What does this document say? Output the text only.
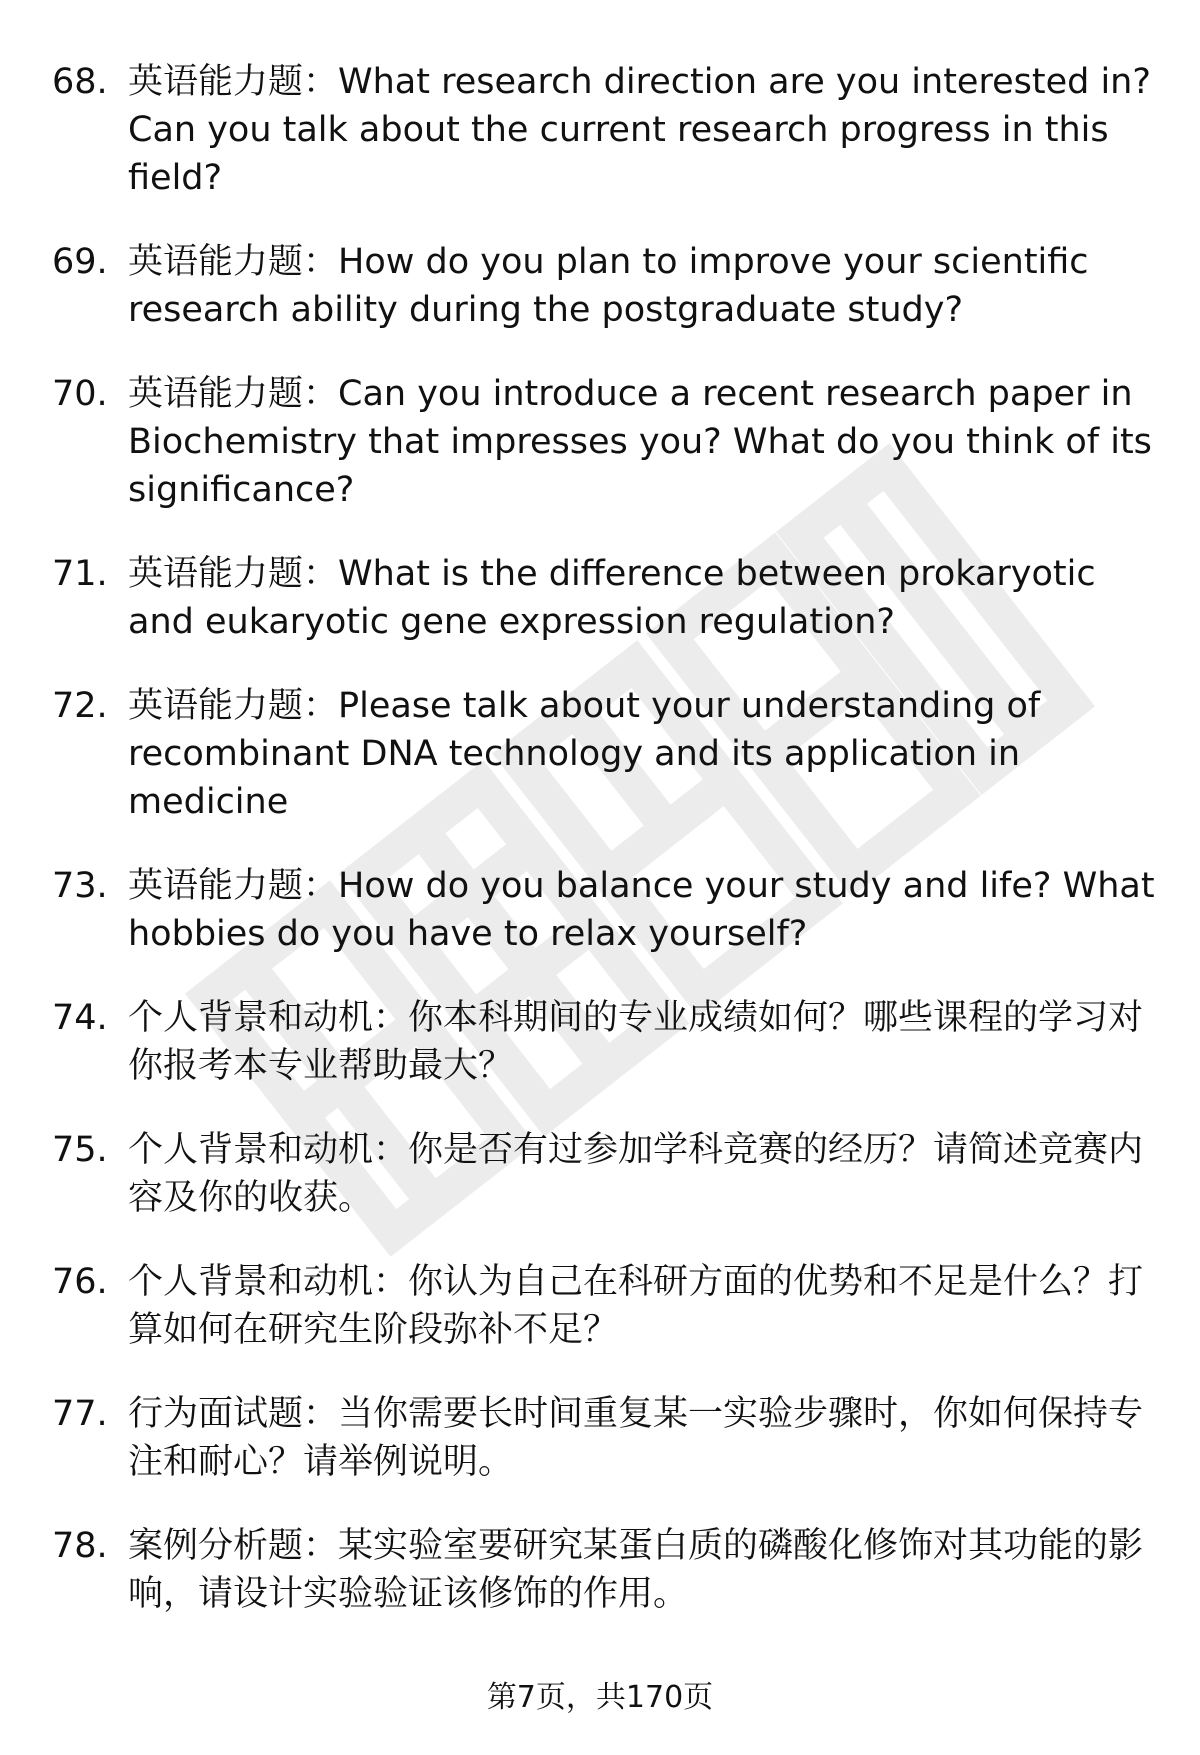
68. 英语能力题：What research direction are you interested in? Can you talk about the current research progress in this field?
69. 英语能力题：How do you plan to improve your scientific research ability during the postgraduate study?
70. 英语能力题：Can you introduce a recent research paper in Biochemistry that impresses you? What do you think of its significance?
71. 英语能力题：What is the difference between prokaryotic and eukaryotic gene expression regulation?
72. 英语能力题：Please talk about your understanding of recombinant DNA technology and its application in medicine
73. 英语能力题：How do you balance your study and life? What hobbies do you have to relax yourself?
74. 个人背景和动机：你本科期间的专业成绩如何？哪些课程的学习对你报考本专业帮助最大？
75. 个人背景和动机：你是否有过参加学科竞赛的经历？请简述竞赛内容及你的收获。
76. 个人背景和动机：你认为自己在科研方面的优势和不足是什么？打算如何在研究生阶段弥补不足？
77. 行为面试题：当你需要长时间重复某一实验步骤时，你如何保持专注和耐心？请举例说明。
78. 案例分析题：某实验室要研究某蛋白质的磷酸化修饰对其功能的影响，请设计实验验证该修饰的作用。
第7页，共170页
